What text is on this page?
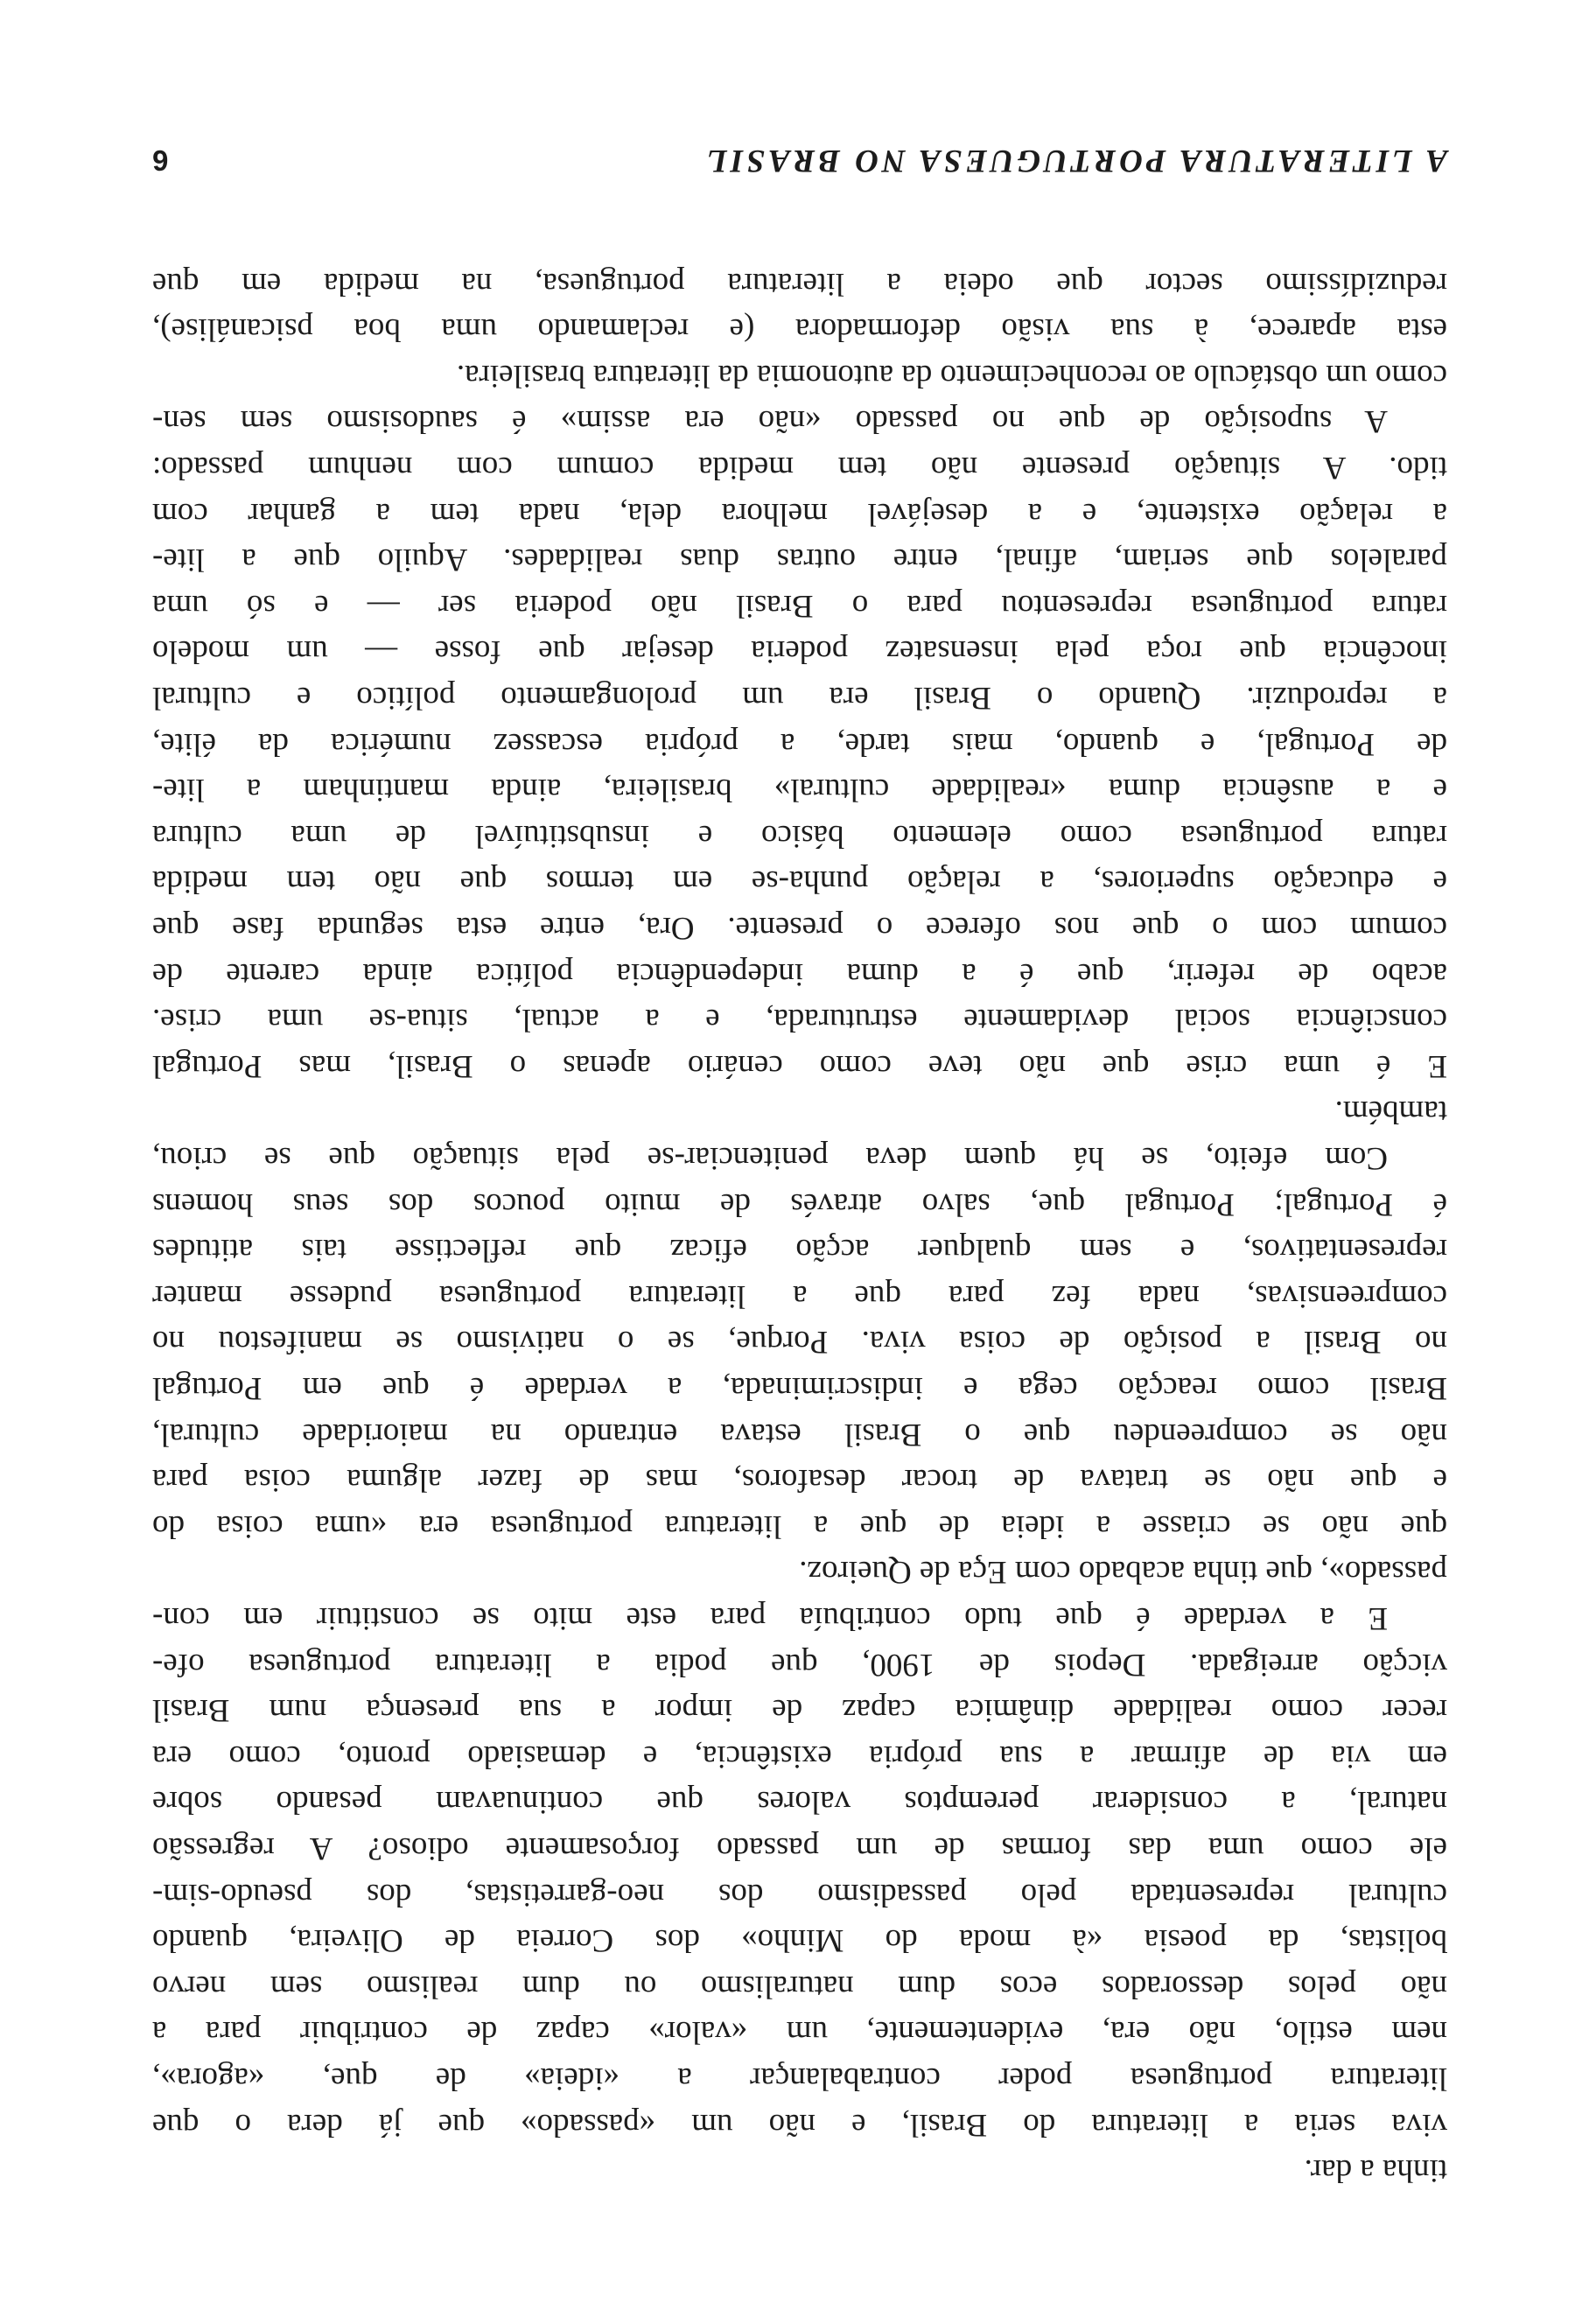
A LITERATURA PORTUGUESA NO BRASIL
6
reduzidíssimo sector que odeia a literatura portuguesa, na medida em que
esta aparece, à sua visão deformadora (e reclamando uma boa psicanálise),
como um obstáculo ao reconhecimento da autonomia da literatura brasileira.
A suposição de que no passado «não era assim» é saudosismo sem sen-
tido. A situação presente não tem medida comum com nenhum passado:
a relação existente, e a desejável melhora dela, nada tem a ganhar com
paralelos que seriam, afinal, entre outras duas realidades. Aquilo que a lite-
ratura portuguesa representou para o Brasil não poderia ser — e só uma
inocência que roça pela insensatez poderia desejar que fosse — um modelo
a reproduzir. Quando o Brasil era um prolongamento político e cultural
de Portugal, e quando, mais tarde, a própria escassez numérica da élite,
e a ausência duma «realidade cultural» brasileira, ainda mantinham a lite-
ratura portuguesa como elemento básico e insubstituível de uma cultura
e educação superiores, a relação punha-se em termos que não tem medida
comum com o que nos oferece o presente. Ora, entre esta segunda fase que
acabo de referir, que é a duma independência política ainda carente de
consciência social devidamente estruturada, e a actual, situa-se uma crise.
E é uma crise que não teve como cenário apenas o Brasil, mas Portugal
também.
Com efeito, se há quem deva penitenciar-se pela situação que se criou,
é Portugal; Portugal que, salvo através de muito poucos dos seus homens
representativos, e sem qualquer acção eficaz que reflectisse tais atitudes
compreensivas, nada fez para que a literatura portuguesa pudesse manter
no Brasil a posição de coisa viva. Porque, se o nativismo se manifestou no
Brasil como reacção cega e indiscriminada, a verdade é que em Portugal
não se compreendeu que o Brasil estava entrando na maioridade cultural,
e que não se tratava de trocar desaforos, mas de fazer alguma coisa para
que não se criasse a ideia de que a literatura portuguesa era «uma coisa do
passado», que tinha acabado com Eça de Queiroz.
E a verdade é que tudo contribuía para este mito se constituir em con-
vicção arreigada. Depois de 1900, que podia a literatura portuguesa ofe-
recer como realidade dinâmica capaz de impor a sua presença num Brasil
em via de afirmar a sua própria existência, e demasiado pronto, como era
natural, a considerar peremptos valores que continuavam pesando sobre
ele como uma das formas de um passado forçosamente odioso? A regressão
cultural representada pelo passadismo dos neo-garretistas, dos pseudo-sim-
bolistas, da poesia «à moda do Minho» dos Correia de Oliveira, quando
não pelos dessorados ecos dum naturalismo ou dum realismo sem nervo
nem estilo, não era, evidentemente, um «valor» capaz de contribuir para a
literatura portuguesa poder contrabalançar a «ideia» de que, «agora»,
viva seria a literatura do Brasil, e não um «passado» que já dera o que
tinha a dar.
